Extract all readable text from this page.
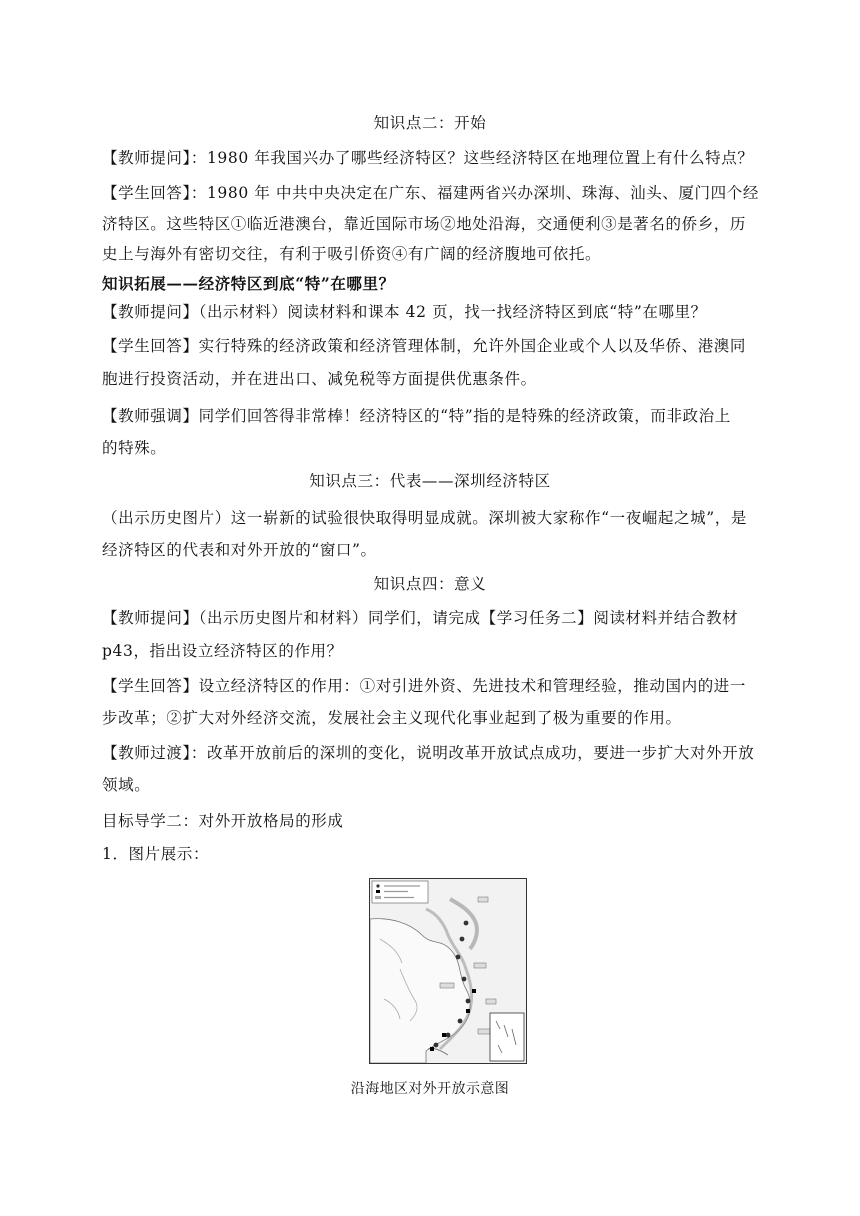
知识点二：开始
【教师提问】：1980 年我国兴办了哪些经济特区？这些经济特区在地理位置上有什么特点？
【学生回答】：1980 年 中共中央决定在广东、福建两省兴办深圳、珠海、汕头、厦门四个经
济特区。这些特区①临近港澳台，靠近国际市场②地处沿海，交通便利③是著名的侨乡，历
史上与海外有密切交往，有利于吸引侨资④有广阔的经济腹地可依托。
知识拓展——经济特区到底“特”在哪里？
【教师提问】（出示材料）阅读材料和课本 42 页，找一找经济特区到底“特”在哪里？
【学生回答】实行特殊的经济政策和经济管理体制，允许外国企业或个人以及华侨、港澳同
胞进行投资活动，并在进出口、减免税等方面提供优惠条件。
【教师强调】同学们回答得非常棒！经济特区的“特”指的是特殊的经济政策，而非政治上
的特殊。
知识点三：代表——深圳经济特区
（出示历史图片）这一崭新的试验很快取得明显成就。深圳被大家称作“一夜崛起之城”，是
经济特区的代表和对外开放的“窗口”。
知识点四：意义
【教师提问】（出示历史图片和材料）同学们，请完成【学习任务二】阅读材料并结合教材
p43，指出设立经济特区的作用？
【学生回答】设立经济特区的作用：①对引进外资、先进技术和管理经验，推动国内的进一
步改革；②扩大对外经济交流，发展社会主义现代化事业起到了极为重要的作用。
【教师过渡】：改革开放前后的深圳的变化，说明改革开放试点成功，要进一步扩大对外开放
领域。
目标导学二：对外开放格局的形成
1．图片展示：
沿海地区对外开放示意图
